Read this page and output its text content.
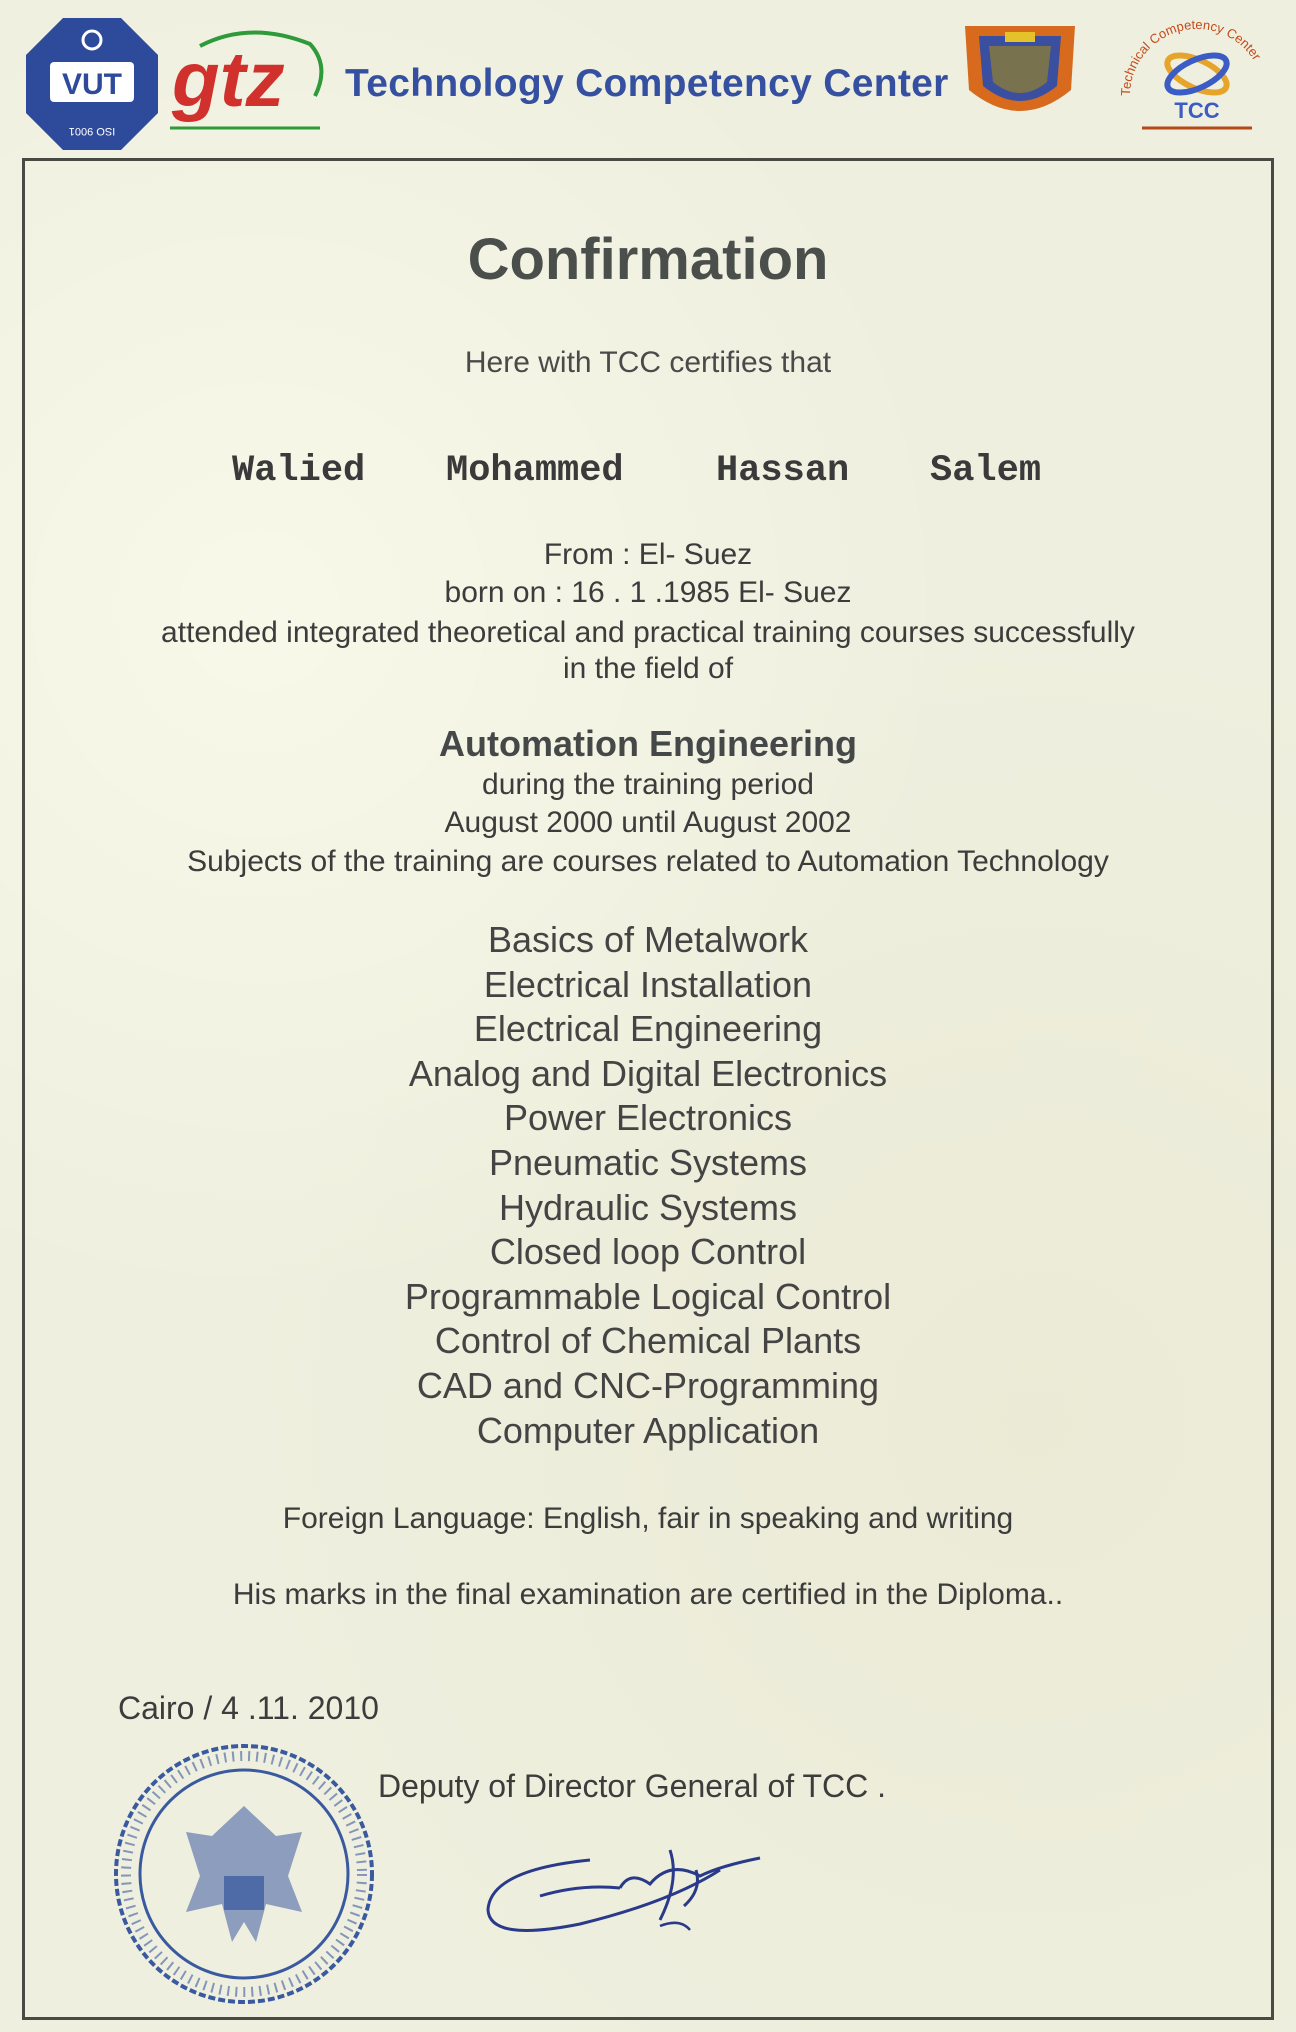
VUT
ISO 9001
gtz Technology Competency Center	Technical Competency Center
TCC
Confirmation
Here with TCC certifies that
Walied Mohammed Hassan Salem
From : El- Suez
born on : 16 . 1 .1985 El- Suez
attended integrated theoretical and practical training courses successfully
in the field of
Automation Engineering
during the training period
August 2000 until August 2002
Subjects of the training are courses related to Automation Technology
Basics of Metalwork
Electrical Installation
Electrical Engineering
Analog and Digital Electronics
Power Electronics
Pneumatic Systems
Hydraulic Systems
Closed loop Control
Programmable Logical Control
Control of Chemical Plants
CAD and CNC-Programming
Computer Application
Foreign Language: English, fair in speaking and writing
His marks in the final examination are certified in the Diploma..
Cairo / 4 .11. 2010
Deputy of Director General of TCC .
